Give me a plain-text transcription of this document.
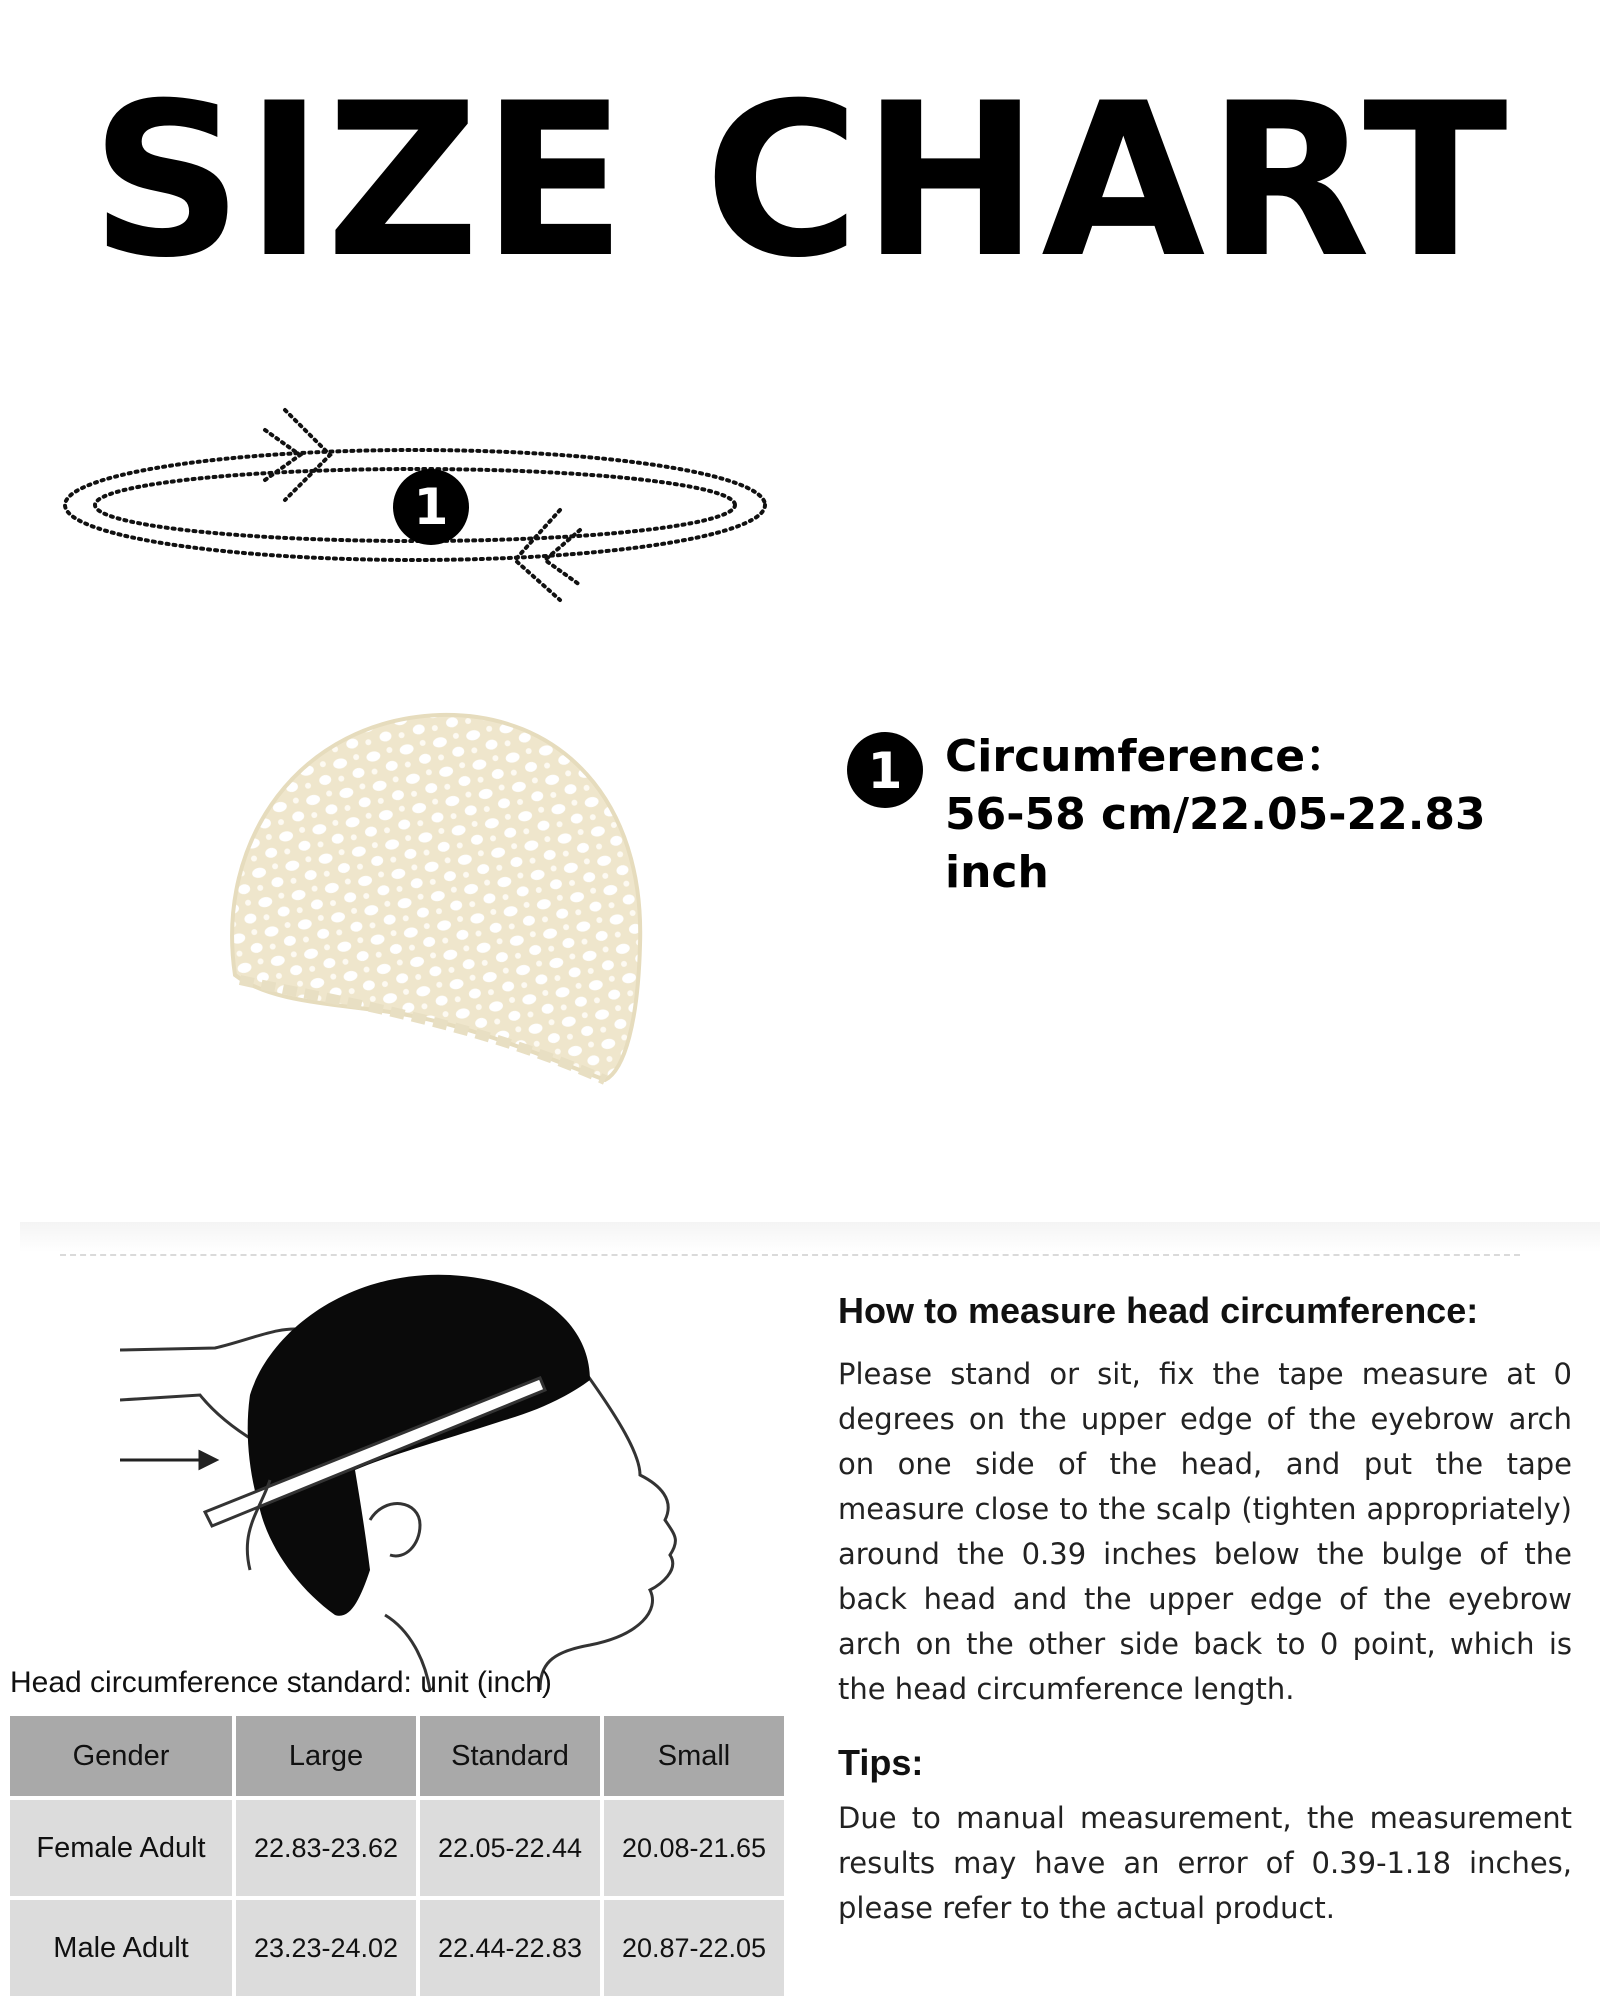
SIZE CHART
1
1 Circumference：
56-58 cm/22.05-22.83 inch
Head circumference standard: unit (inch)
Gender	Large	Standard	Small
Female Adult	22.83-23.62	22.05-22.44	20.08-21.65
Male Adult	23.23-24.02	22.44-22.83	20.87-22.05
How to measure head circumference:
Please stand or sit, fix the tape measure at 0 degrees on the upper edge of the eyebrow arch on one side of the head, and put the tape measure close to the scalp (tighten appropriately) around the 0.39 inches below the bulge of the back head and the upper edge of the eyebrow arch on the other side back to 0 point, which is the head circumference length.
Tips:
Due to manual measurement, the measurement results may have an error of 0.39-1.18 inches, please refer to the actual product.
